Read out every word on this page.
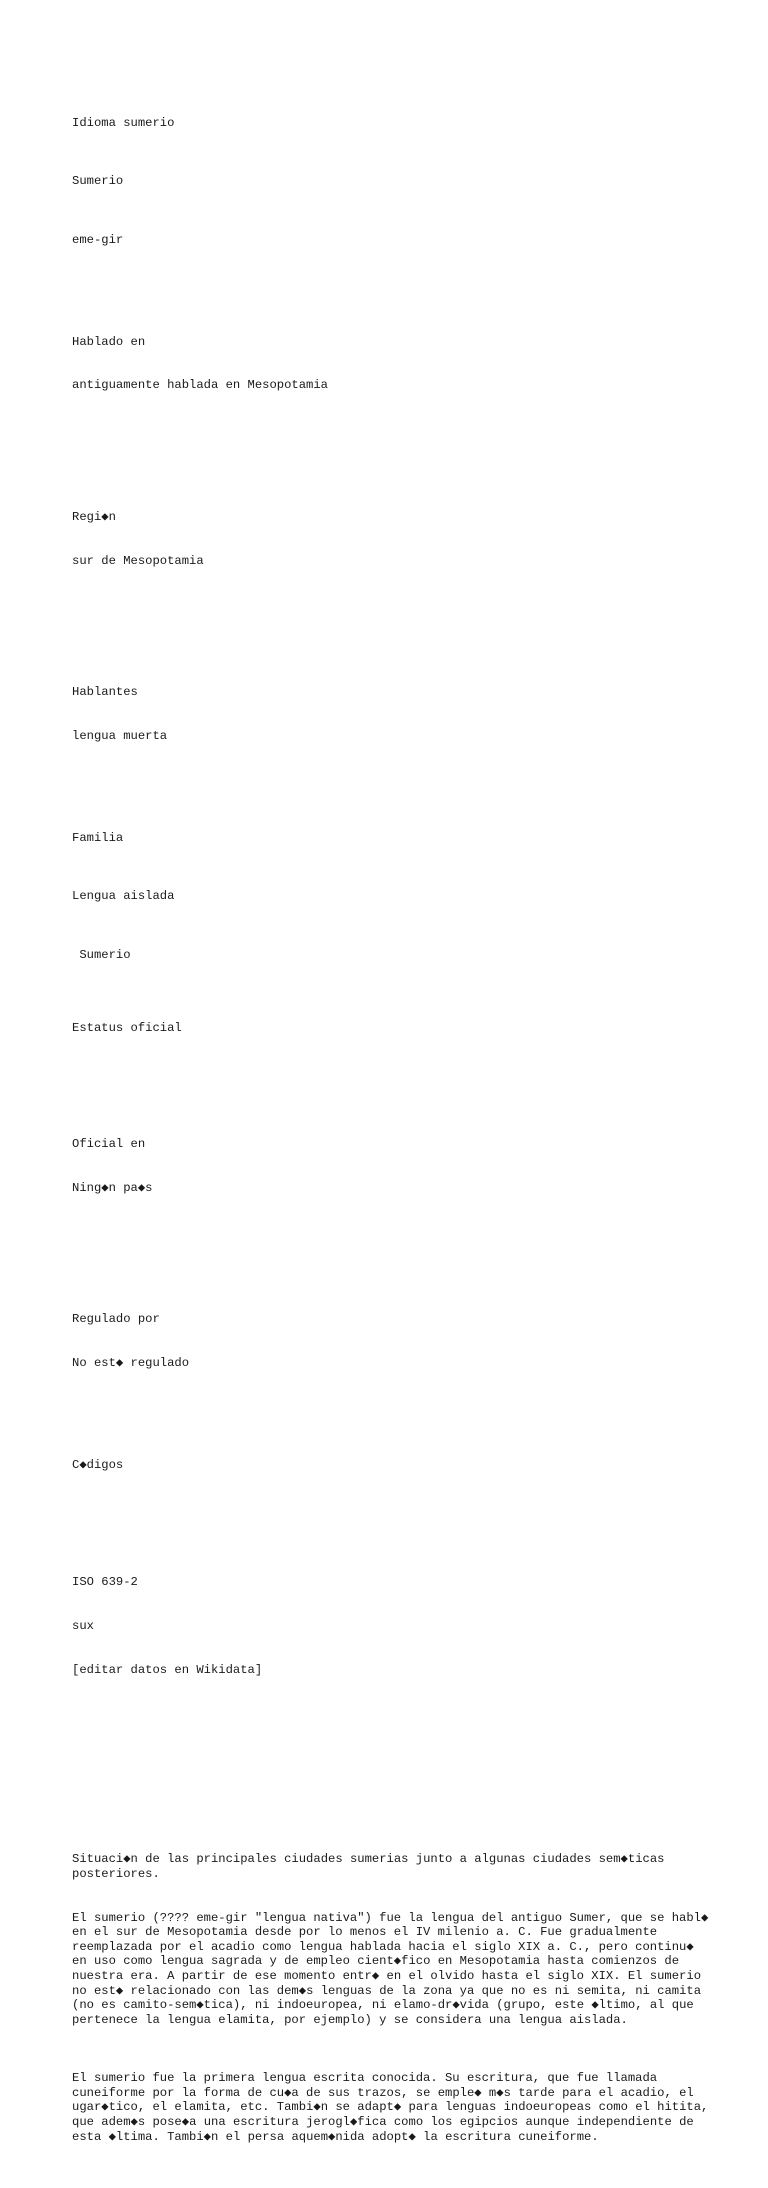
Idioma sumerio

Sumerio

eme-gir

Hablado en

antiguamente hablada en Mesopotamia

Regi◆n

sur de Mesopotamia

Hablantes

lengua muerta

Familia

Lengua aislada

Sumerio

Estatus oficial

Oficial en

Ning◆n pa◆s

Regulado por

No est◆ regulado

C◆digos

ISO 639-2

sux

[editar datos en Wikidata]

Situaci◆n de las principales ciudades sumerias junto a algunas ciudades sem◆ticas posteriores.

El sumerio (???? eme-gir "lengua nativa") fue la lengua del antiguo Sumer, que se habl◆ en el sur de Mesopotamia desde por lo menos el IV milenio a. C. Fue gradualmente reemplazada por el acadio como lengua hablada hacia el siglo XIX a. C., pero continu◆ en uso como lengua sagrada y de empleo cient◆fico en Mesopotamia hasta comienzos de nuestra era. A partir de ese momento entr◆ en el olvido hasta el siglo XIX. El sumerio no est◆ relacionado con las dem◆s lenguas de la zona ya que no es ni semita, ni camita (no es camito-sem◆tica), ni indoeuropea, ni elamo-dr◆vida (grupo, este ◆ltimo, al que pertenece la lengua elamita, por ejemplo) y se considera una lengua aislada.

El sumerio fue la primera lengua escrita conocida. Su escritura, que fue llamada cuneiforme por la forma de cu◆a de sus trazos, se emple◆ m◆s tarde para el acadio, el ugar◆tico, el elamita, etc. Tambi◆n se adapt◆ para lenguas indoeuropeas como el hitita, que adem◆s pose◆a una escritura jerogl◆fica como los egipcios aunque independiente de esta ◆ltima. Tambi◆n el persa aquem◆nida adopt◆ la escritura cuneiforme.
